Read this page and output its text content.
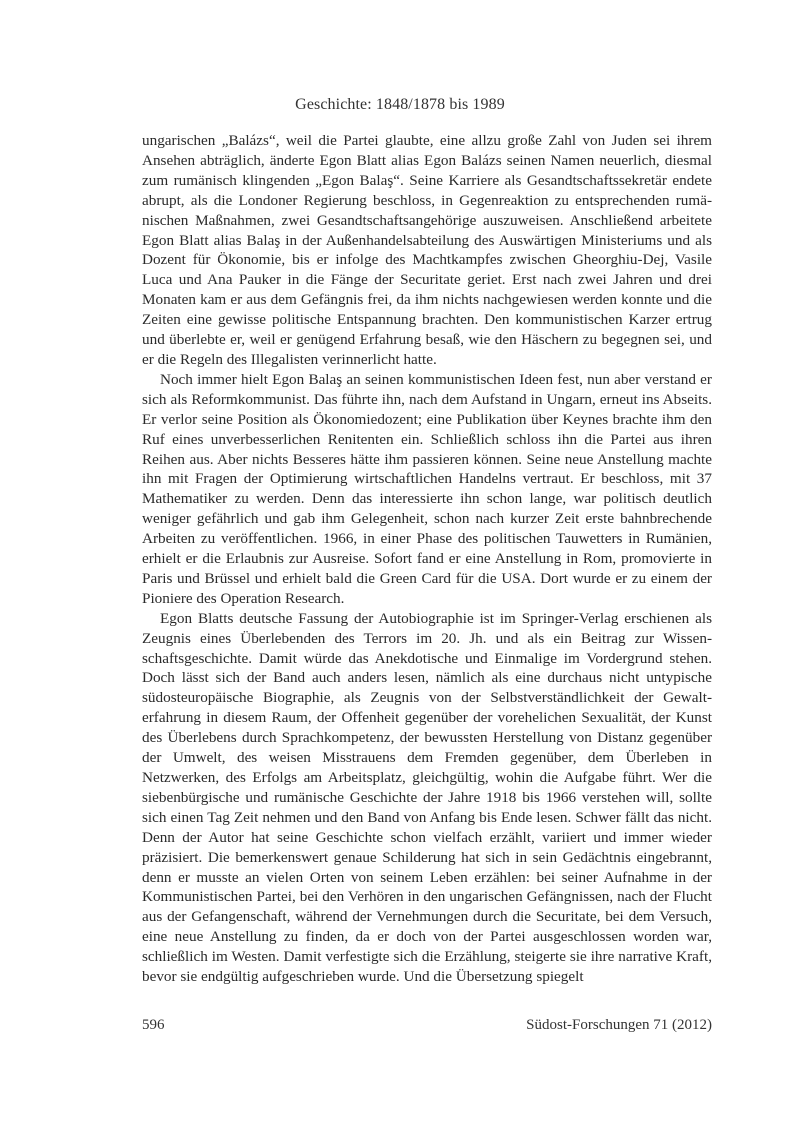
Geschichte: 1848/1878 bis 1989

ungarischen „Balázs“, weil die Partei glaubte, eine allzu große Zahl von Juden sei ihrem Ansehen abträglich, änderte Egon Blatt alias Egon Balázs seinen Namen neuerlich, diesmal zum rumänisch klingenden „Egon Balaş“. Seine Karriere als Gesandtschaftssekretär endete abrupt, als die Londoner Regierung beschloss, in Gegenreaktion zu entsprechenden rumänischen Maßnahmen, zwei Gesandtschaftsangehörige auszuweisen. Anschließend arbeitete Egon Blatt alias Balaş in der Außenhandelsabteilung des Auswärtigen Ministeriums und als Dozent für Ökonomie, bis er infolge des Machtkampfes zwischen Gheorghiu-Dej, Vasile Luca und Ana Pauker in die Fänge der Securitate geriet. Erst nach zwei Jahren und drei Monaten kam er aus dem Gefängnis frei, da ihm nichts nachgewiesen werden konnte und die Zeiten eine gewisse politische Entspannung brachten. Den kommunistischen Karzer ertrug und überlebte er, weil er genügend Erfahrung besaß, wie den Häschern zu begegnen sei, und er die Regeln des Illegalisten verinnerlicht hatte.

Noch immer hielt Egon Balaş an seinen kommunistischen Ideen fest, nun aber verstand er sich als Reformkommunist. Das führte ihn, nach dem Aufstand in Ungarn, erneut ins Abseits. Er verlor seine Position als Ökonomiedozent; eine Publikation über Keynes brachte ihm den Ruf eines unverbesserlichen Renitenten ein. Schließlich schloss ihn die Partei aus ihren Reihen aus. Aber nichts Besseres hätte ihm passieren können. Seine neue Anstellung machte ihn mit Fragen der Optimierung wirtschaftlichen Handelns vertraut. Er beschloss, mit 37 Mathematiker zu werden. Denn das interessierte ihn schon lange, war politisch deutlich weniger gefährlich und gab ihm Gelegenheit, schon nach kurzer Zeit erste bahnbrechende Arbeiten zu veröffentlichen. 1966, in einer Phase des politischen Tauwetters in Rumänien, erhielt er die Erlaubnis zur Ausreise. Sofort fand er eine Anstellung in Rom, promovierte in Paris und Brüssel und erhielt bald die Green Card für die USA. Dort wurde er zu einem der Pioniere des Operation Research.

Egon Blatts deutsche Fassung der Autobiographie ist im Springer-Verlag erschienen als Zeugnis eines Überlebenden des Terrors im 20. Jh. und als ein Beitrag zur Wissenschaftsgeschichte. Damit würde das Anekdotische und Einmalige im Vordergrund stehen. Doch lässt sich der Band auch anders lesen, nämlich als eine durchaus nicht untypische südosteuropäische Biographie, als Zeugnis von der Selbstverständlichkeit der Gewalterfahrung in diesem Raum, der Offenheit gegenüber der vorehelichen Sexualität, der Kunst des Überlebens durch Sprachkompetenz, der bewussten Herstellung von Distanz gegenüber der Umwelt, des weisen Misstrauens dem Fremden gegenüber, dem Überleben in Netzwerken, des Erfolgs am Arbeitsplatz, gleichgültig, wohin die Aufgabe führt. Wer die siebenbürgische und rumänische Geschichte der Jahre 1918 bis 1966 verstehen will, sollte sich einen Tag Zeit nehmen und den Band von Anfang bis Ende lesen. Schwer fällt das nicht. Denn der Autor hat seine Geschichte schon vielfach erzählt, variiert und immer wieder präzisiert. Die bemerkenswert genaue Schilderung hat sich in sein Gedächtnis eingebrannt, denn er musste an vielen Orten von seinem Leben erzählen: bei seiner Aufnahme in der Kommunistischen Partei, bei den Verhören in den ungarischen Gefängnissen, nach der Flucht aus der Gefangenschaft, während der Vernehmungen durch die Securitate, bei dem Versuch, eine neue Anstellung zu finden, da er doch von der Partei ausgeschlossen worden war, schließlich im Westen. Damit verfestigte sich die Erzählung, steigerte sie ihre narrative Kraft, bevor sie endgültig aufgeschrieben wurde. Und die Übersetzung spiegelt

596	Südost-Forschungen 71 (2012)
